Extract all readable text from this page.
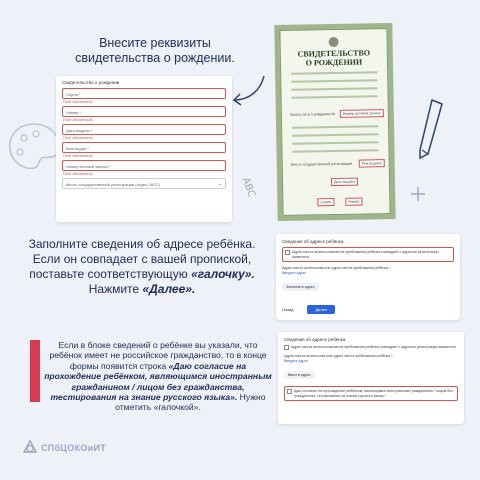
ABC
Внесите реквизиты свидетельства о рождении.
Свидетельство о рождении
Серия *
Поле обязательно
Номер *
Поле обязательно
Дата выдачи *
Поле обязательно
Кем выдан *
Поле обязательно
Номер актовой записи *
Поле обязательно
Место государственной регистрации (отдел ЗАГС)	⌄
СВИДЕТЕЛЬСТВО
О РОЖДЕНИИ
Запись акта о рождении №	Номер актовой записи
Место государственной регистрации	Кем выдано
Дата выдачи
Серия	Номер
Заполните сведения об адресе ребёнка. Если он совпадает с вашей пропиской, поставьте соответствующую «галочку». Нажмите «Далее».
Сведения об адресе ребёнка
Адрес места жительства/места пребывания ребёнка совпадает с адресом регистрации заявителя
Адрес места жительства или адрес места пребывания ребёнка *
Введите адрес
Заполнить адрес
Назад	Далее
Если в блоке сведений о ребёнке вы указали, что ребёнок имеет не российское гражданство, то в конце формы появится строка «Даю согласие на прохождение ребёнком, являющимся иностранным гражданином / лицом без гражданства, тестирования на знание русского языка». Нужно отметить «галочкой».
Сведения об адресе ребёнка
Адрес места жительства/места пребывания ребёнка совпадает с адресом регистрации заявителя
Адрес места жительства или адрес места пребывания ребёнка *
Введите адрес
Ввести адрес
Даю согласие на прохождение ребёнком, являющимся иностранным гражданином / лицом без гражданства, тестирования на знание русского языка *
СПбЦОКОиИТ
